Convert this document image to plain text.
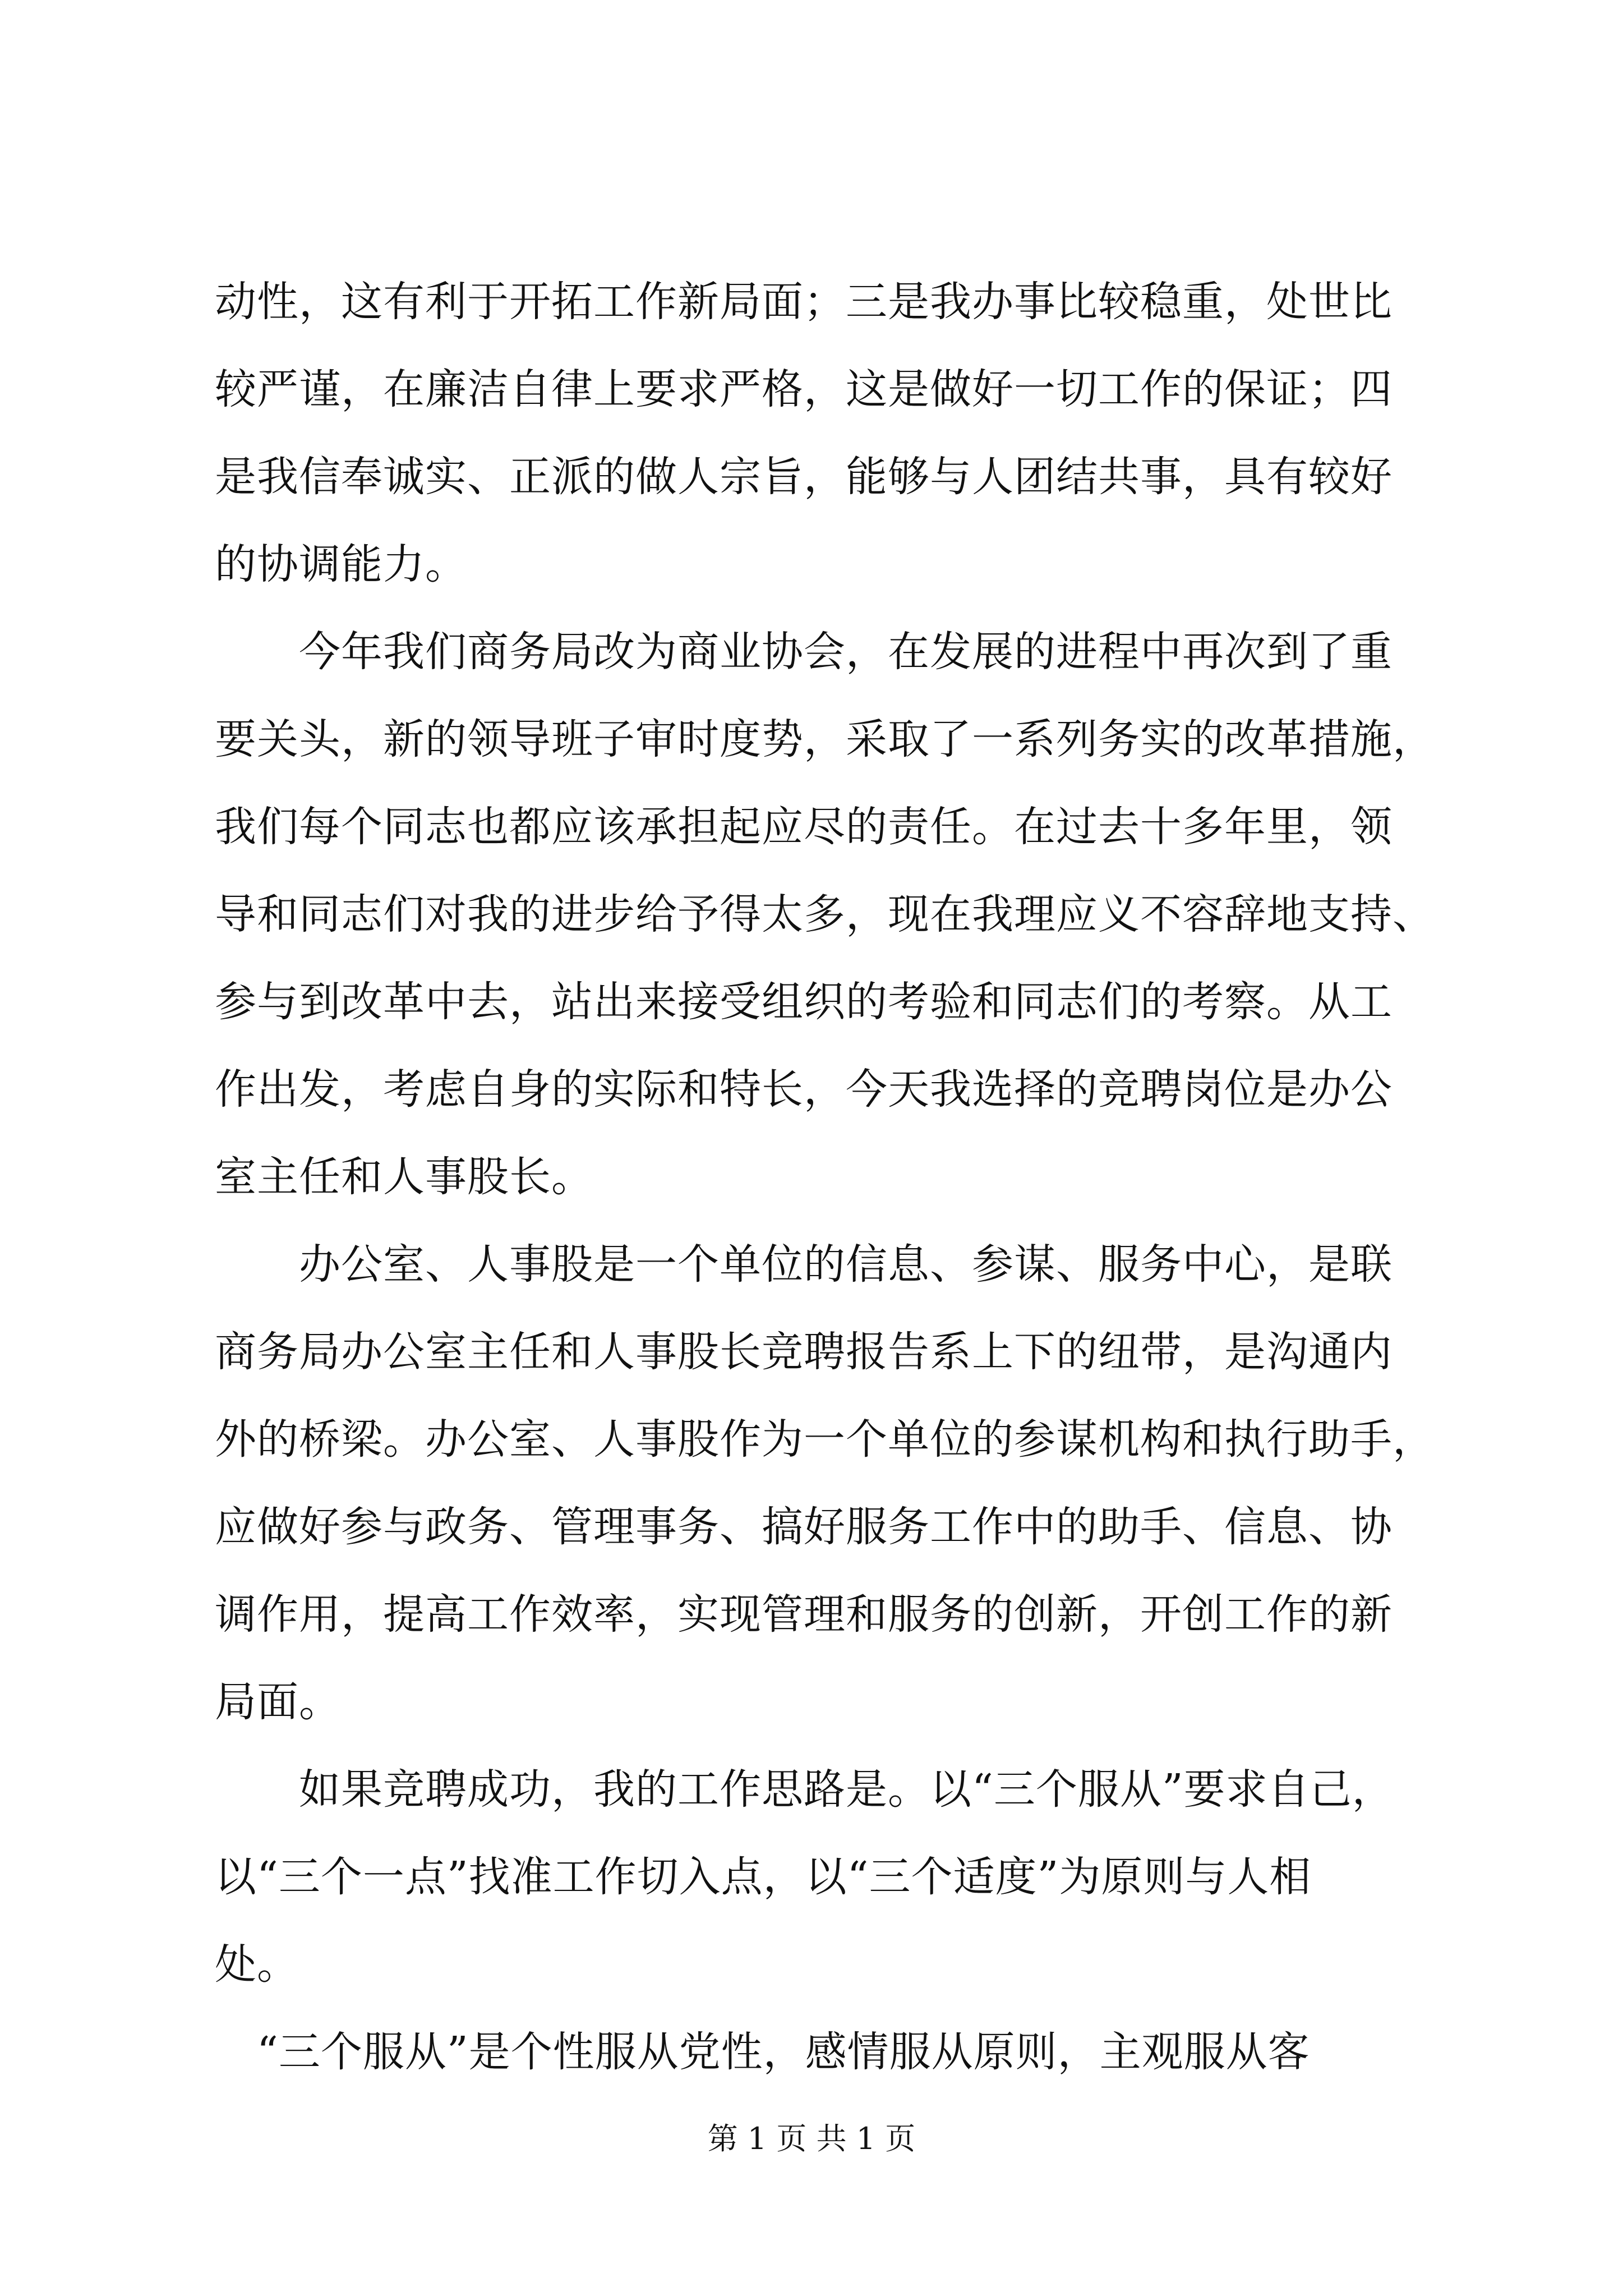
动性，这有利于开拓工作新局面；三是我办事比较稳重，处世比
较严谨，在廉洁自律上要求严格，这是做好一切工作的保证；四
是我信奉诚实、正派的做人宗旨，能够与人团结共事，具有较好
的协调能力。
　　今年我们商务局改为商业协会，在发展的进程中再次到了重
要关头，新的领导班子审时度势，采取了一系列务实的改革措施，
我们每个同志也都应该承担起应尽的责任。在过去十多年里，领
导和同志们对我的进步给予得太多，现在我理应义不容辞地支持、
参与到改革中去，站出来接受组织的考验和同志们的考察。从工
作出发，考虑自身的实际和特长，今天我选择的竞聘岗位是办公
室主任和人事股长。
　　办公室、人事股是一个单位的信息、参谋、服务中心，是联
商务局办公室主任和人事股长竞聘报告系上下的纽带，是沟通内
外的桥梁。办公室、人事股作为一个单位的参谋机构和执行助手，
应做好参与政务、管理事务、搞好服务工作中的助手、信息、协
调作用，提高工作效率，实现管理和服务的创新，开创工作的新
局面。
　　如果竞聘成功，我的工作思路是。以“三个服从”要求自己，
以“三个一点”找准工作切入点，以“三个适度”为原则与人相
处。
　“三个服从”是个性服从党性，感情服从原则，主观服从客
第 1 页 共 1 页
